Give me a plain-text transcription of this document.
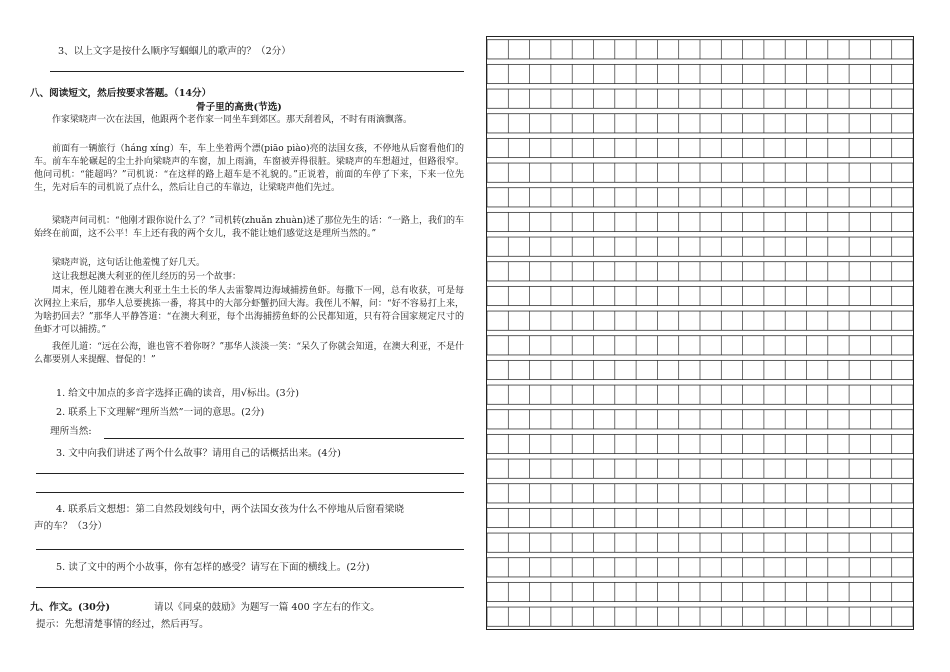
3、以上文字是按什么顺序写蝈蝈儿的歌声的？（2分）
八、阅读短文，然后按要求答题。（14分）
骨子里的高贵(节选)
作家梁晓声一次在法国，他跟两个老作家一同坐车到郊区。那天刮着风，不时有雨滴飘落。
前面有一辆旅行（háng xíng）车，车上坐着两个漂(piāo piào)亮的法国女孩，不停地从后窗看他们的车。前车车轮碾起的尘土扑向梁晓声的车窗，加上雨滴，车窗被弄得很脏。梁晓声的车想超过，但路很窄。他问司机：“能超吗？”司机说：“在这样的路上超车是不礼貌的。”正说着，前面的车停了下来，下来一位先生，先对后车的司机说了点什么，然后让自己的车靠边，让梁晓声他们先过。
梁晓声问司机：“他刚才跟你说什么了？”司机转(zhuǎn zhuàn)述了那位先生的话：“一路上，我们的车始终在前面，这不公平！车上还有我的两个女儿，我不能让她们感觉这是理所当然的。”
梁晓声说，这句话让他羞愧了好几天。
这让我想起澳大利亚的侄儿经历的另一个故事：
周末，侄儿随着在澳大利亚土生土长的华人去雷黎周边海域捕捞鱼虾。每撒下一网，总有收获，可是每次网拉上来后，那华人总要挑拣一番，将其中的大部分虾蟹扔回大海。我侄儿不解，问：“好不容易打上来，为啥扔回去？”那华人平静答道：“在澳大利亚，每个出海捕捞鱼虾的公民都知道，只有符合国家规定尺寸的鱼虾才可以捕捞。”
我侄儿道：“远在公海，谁也管不着你呀？”那华人淡淡一笑：“呆久了你就会知道，在澳大利亚，不是什么都要别人来提醒、督促的！”
1. 给文中加点的多音字选择正确的读音，用√标出。(3分)
2. 联系上下文理解“理所当然”一词的意思。(2分)
理所当然:
3. 文中向我们讲述了两个什么故事？请用自己的话概括出来。(4分)
4. 联系后文想想：第二自然段划线句中，两个法国女孩为什么不停地从后窗看梁晓
声的车？（3分）
5. 读了文中的两个小故事，你有怎样的感受？请写在下面的横线上。(2分)
九、作文。(30分)	请以《同桌的鼓励》为题写一篇 400 字左右的作文。
提示：先想清楚事情的经过，然后再写。
